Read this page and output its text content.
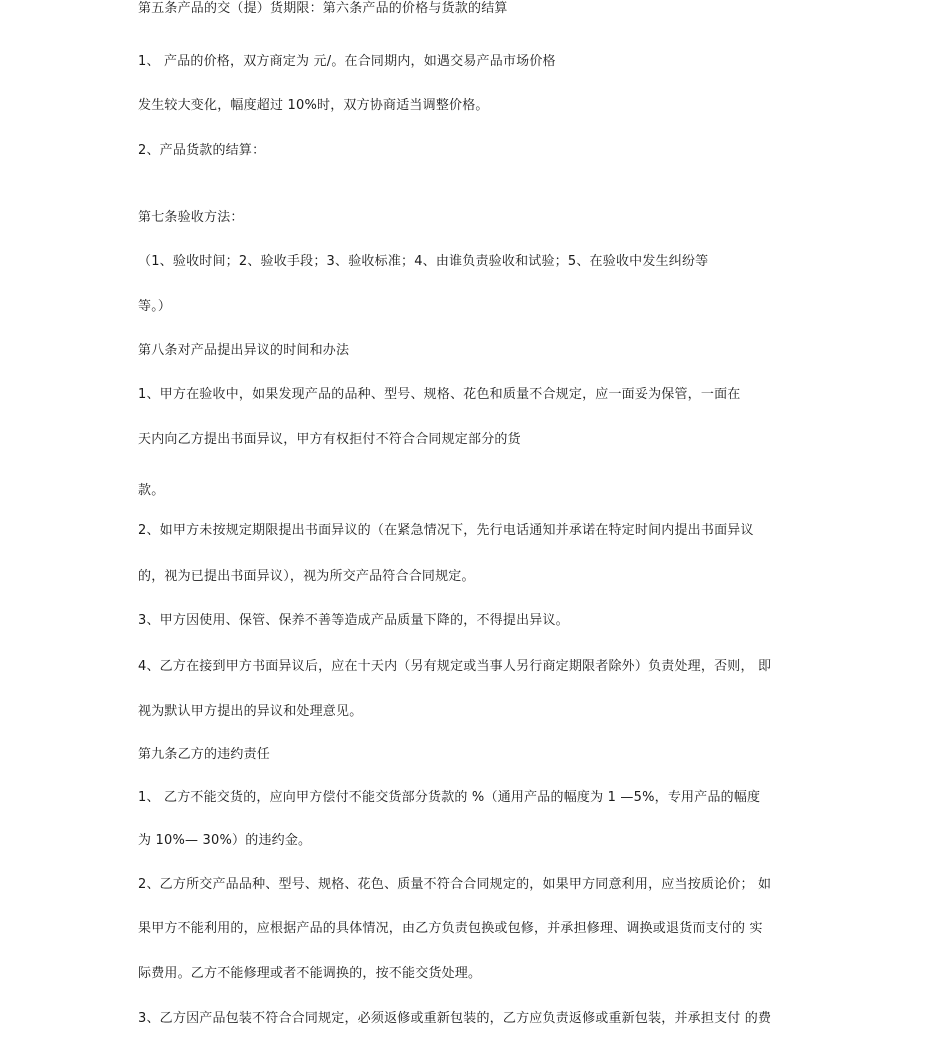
第五条产品的交（提）货期限：第六条产品的价格与货款的结算
1、 产品的价格，双方商定为 元/。在合同期内，如遇交易产品市场价格
发生较大变化，幅度超过 10%时，双方协商适当调整价格。
2、产品货款的结算：
第七条验收方法：
（1、验收时间；2、验收手段；3、验收标准；4、由谁负责验收和试验；5、在验收中发生纠纷等
等。）
第八条对产品提出异议的时间和办法
1、甲方在验收中，如果发现产品的品种、型号、规格、花色和质量不合规定，应一面妥为保管，一面在
天内向乙方提出书面异议，甲方有权拒付不符合合同规定部分的货
款。
2、如甲方未按规定期限提出书面异议的（在紧急情况下，先行电话通知并承诺在特定时间内提出书面异议
的，视为已提出书面异议），视为所交产品符合合同规定。
3、甲方因使用、保管、保养不善等造成产品质量下降的，不得提出异议。
4、乙方在接到甲方书面异议后，应在十天内（另有规定或当事人另行商定期限者除外）负责处理，否则， 即
视为默认甲方提出的异议和处理意见。
第九条乙方的违约责任
1、 乙方不能交货的，应向甲方偿付不能交货部分货款的 %（通用产品的幅度为 1 —5%，专用产品的幅度
为 10%— 30%）的违约金。
2、乙方所交产品品种、型号、规格、花色、质量不符合合同规定的，如果甲方同意利用，应当按质论价； 如
果甲方不能利用的，应根据产品的具体情况，由乙方负责包换或包修，并承担修理、调换或退货而支付的 实
际费用。乙方不能修理或者不能调换的，按不能交货处理。
3、乙方因产品包装不符合合同规定，必须返修或重新包装的，乙方应负责返修或重新包装，并承担支付 的费
